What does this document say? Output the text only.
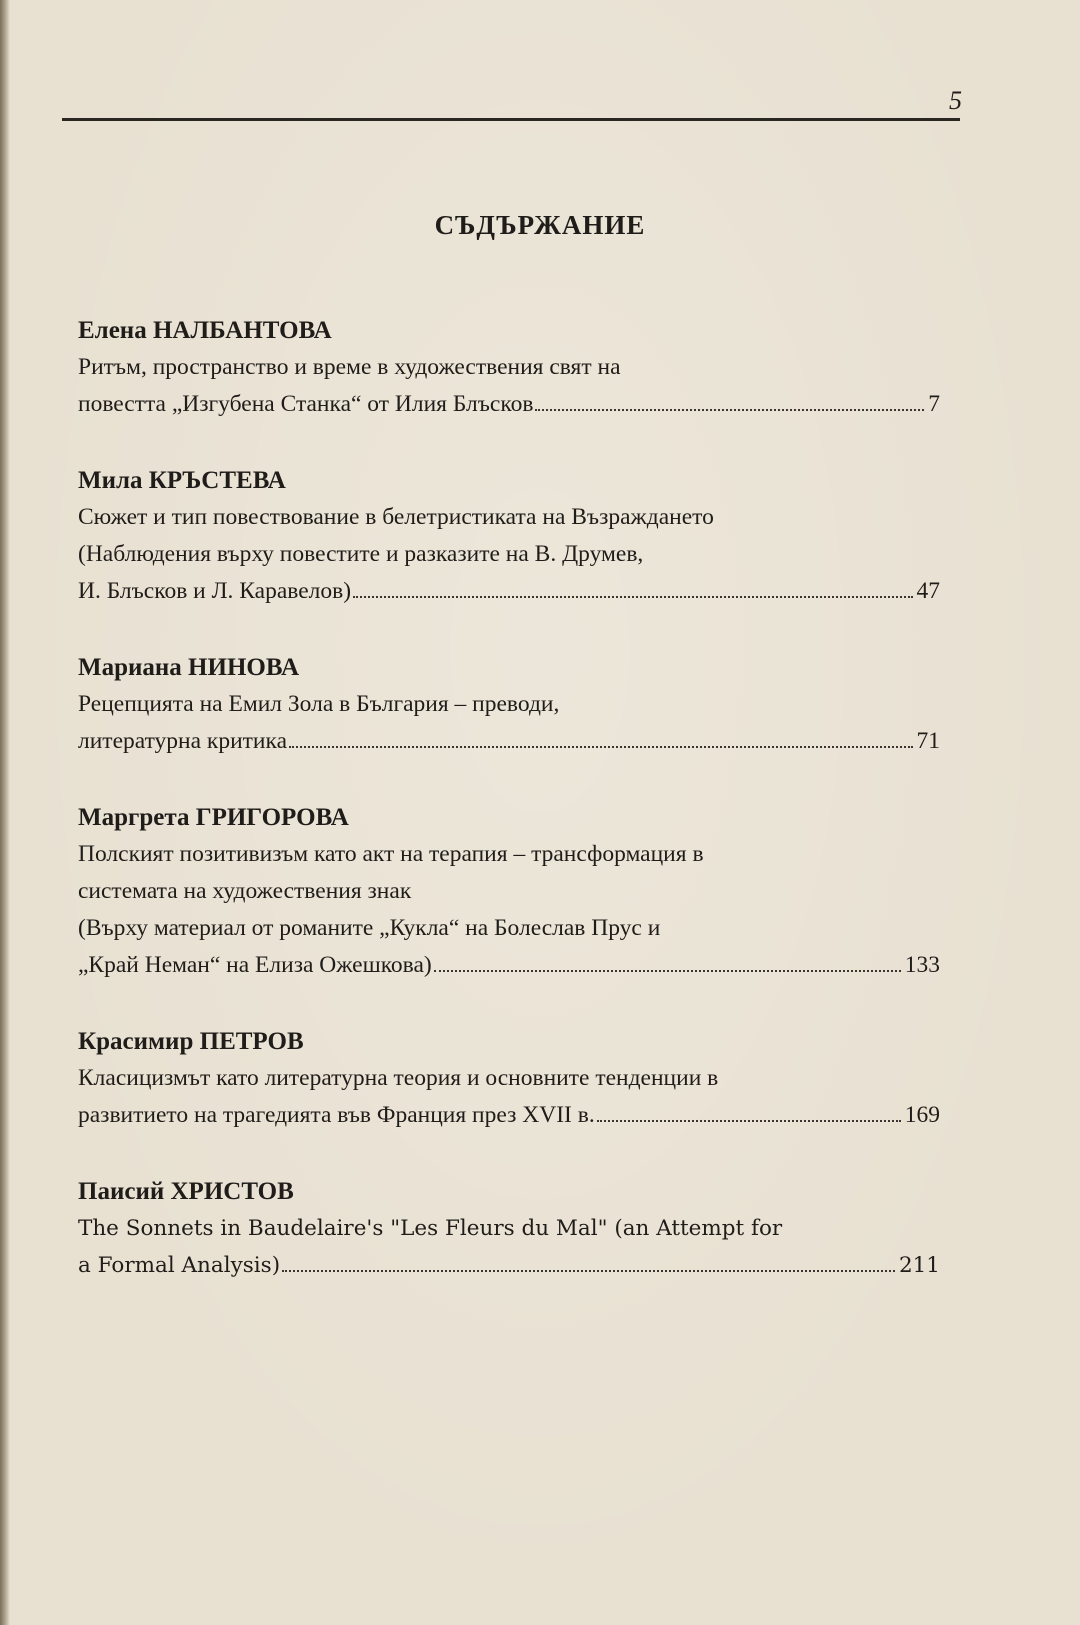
5
СЪДЪРЖАНИЕ
Елена НАЛБАНТОВА
Ритъм, пространство и време в художествения свят на
повестта „Изгубена Станка“ от Илия Блъсков	7
Мила КРЪСТЕВА
Сюжет и тип повествование в белетристиката на Възраждането
(Наблюдения върху повестите и разказите на В. Друмев,
И. Блъсков и Л. Каравелов)	47
Мариана НИНОВА
Рецепцията на Емил Зола в България – преводи,
литературна критика	71
Маргрета ГРИГОРОВА
Полският позитивизъм като акт на терапия – трансформация в
системата на художествения знак
(Върху материал от романите „Кукла“ на Болеслав Прус и
„Край Неман“ на Елиза Ожешкова)	133
Красимир ПЕТРОВ
Класицизмът като литературна теория и основните тенденции в
развитието на трагедията във Франция през XVII в.	169
Паисий ХРИСТОВ
The Sonnets in Baudelaire's "Les Fleurs du Mal" (an Attempt for
a Formal Analysis)	211
